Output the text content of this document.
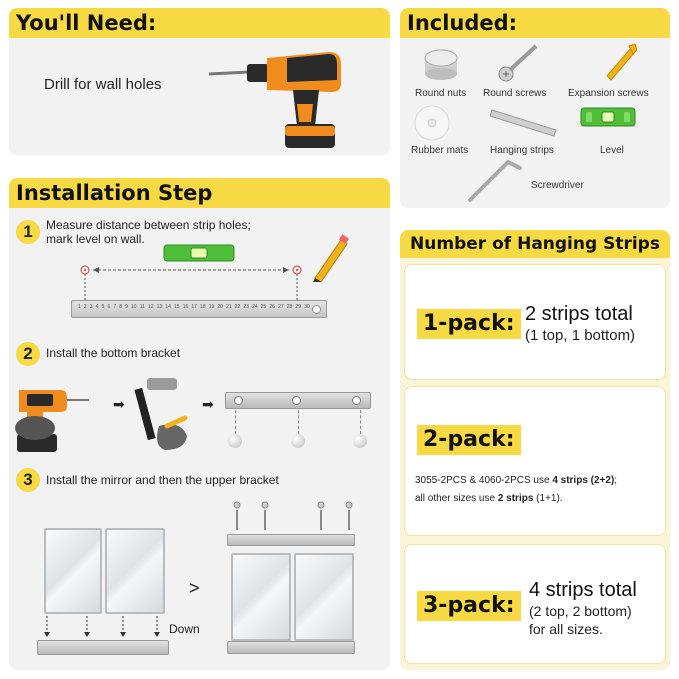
You'll Need:
Drill for wall holes
Included:
Round nuts Round screws Expansion screws
Rubber mats Hanging strips	Level
Screwdriver
Installation Step
1	Measure distance between strip holes;
mark level on wall.
1 2 3 4 5 6 7 8 9 10 11 12 13 14 15 16 17 18 19 20 21 22 23 24 25 26 27 28 29 30
2	Install the bottom bracket
➡	➡
3	Install the mirror and then the upper bracket
>
Down
Number of Hanging Strips
1-pack: 2 strips total
(1 top, 1 bottom)
2-pack:
3055-2PCS & 4060-2PCS use 4 strips (2+2);
all other sizes use 2 strips (1+1).
3-pack:
4 strips total
(2 top, 2 bottom)
for all sizes.
